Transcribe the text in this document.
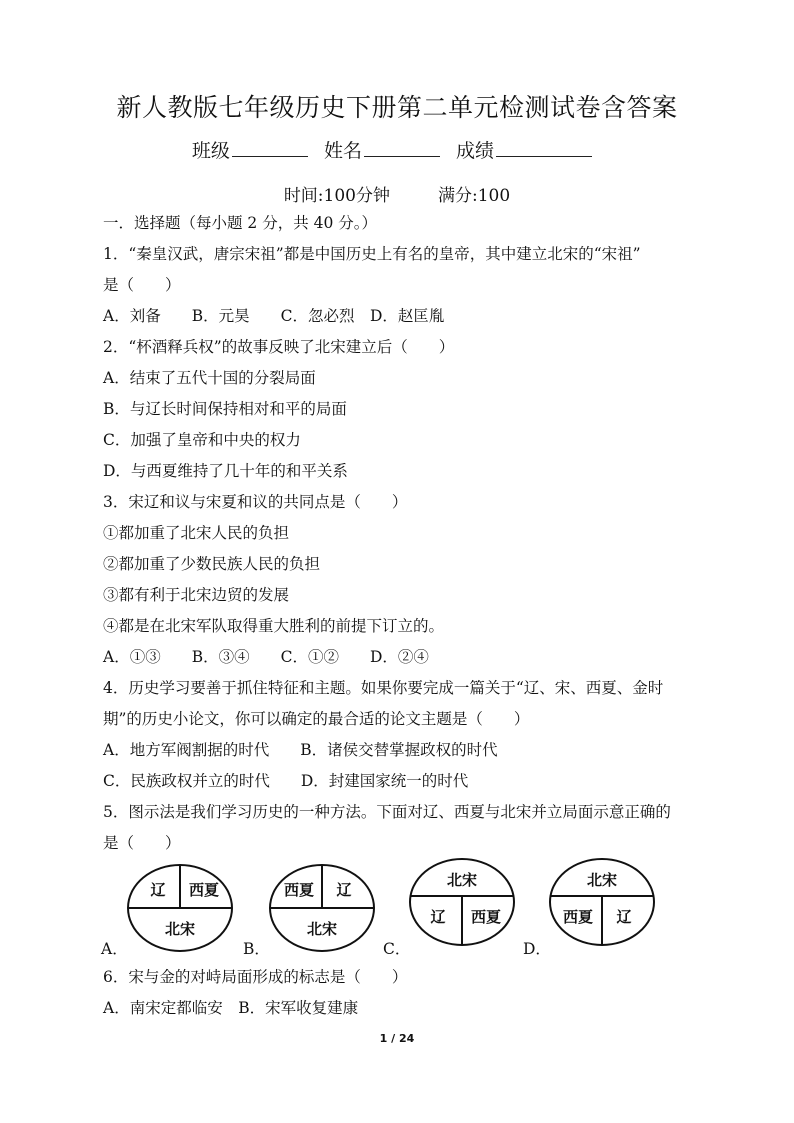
新人教版七年级历史下册第二单元检测试卷含答案
班级	姓名	成绩
时间:100分钟	满分:100
一．选择题（每小题 2 分，共 40 分。）
1．“秦皇汉武，唐宗宋祖”都是中国历史上有名的皇帝，其中建立北宋的“宋祖”
是（　　）
A．刘备　　B．元昊　　C．忽必烈　D．赵匡胤
2．“杯酒释兵权”的故事反映了北宋建立后（　　）
A．结束了五代十国的分裂局面
B．与辽长时间保持相对和平的局面
C．加强了皇帝和中央的权力
D．与西夏维持了几十年的和平关系
3．宋辽和议与宋夏和议的共同点是（　　）
①都加重了北宋人民的负担
②都加重了少数民族人民的负担
③都有利于北宋边贸的发展
④都是在北宋军队取得重大胜利的前提下订立的。
A．①③　　B．③④　　C．①②　　D．②④
4．历史学习要善于抓住特征和主题。如果你要完成一篇关于“辽、宋、西夏、金时
期”的历史小论文，你可以确定的最合适的论文主题是（　　）
A．地方军阀割据的时代　　B．诸侯交替掌握政权的时代
C．民族政权并立的时代　　D．封建国家统一的时代
5．图示法是我们学习历史的一种方法。下面对辽、西夏与北宋并立局面示意正确的
是（　　）
A．
辽 西夏
北宋
B．
西夏 辽
北宋
C．
北宋
辽 西夏
D．
北宋
西夏 辽
6．宋与金的对峙局面形成的标志是（　　）
A．南宋定都临安　B．宋军收复建康
1 / 24
